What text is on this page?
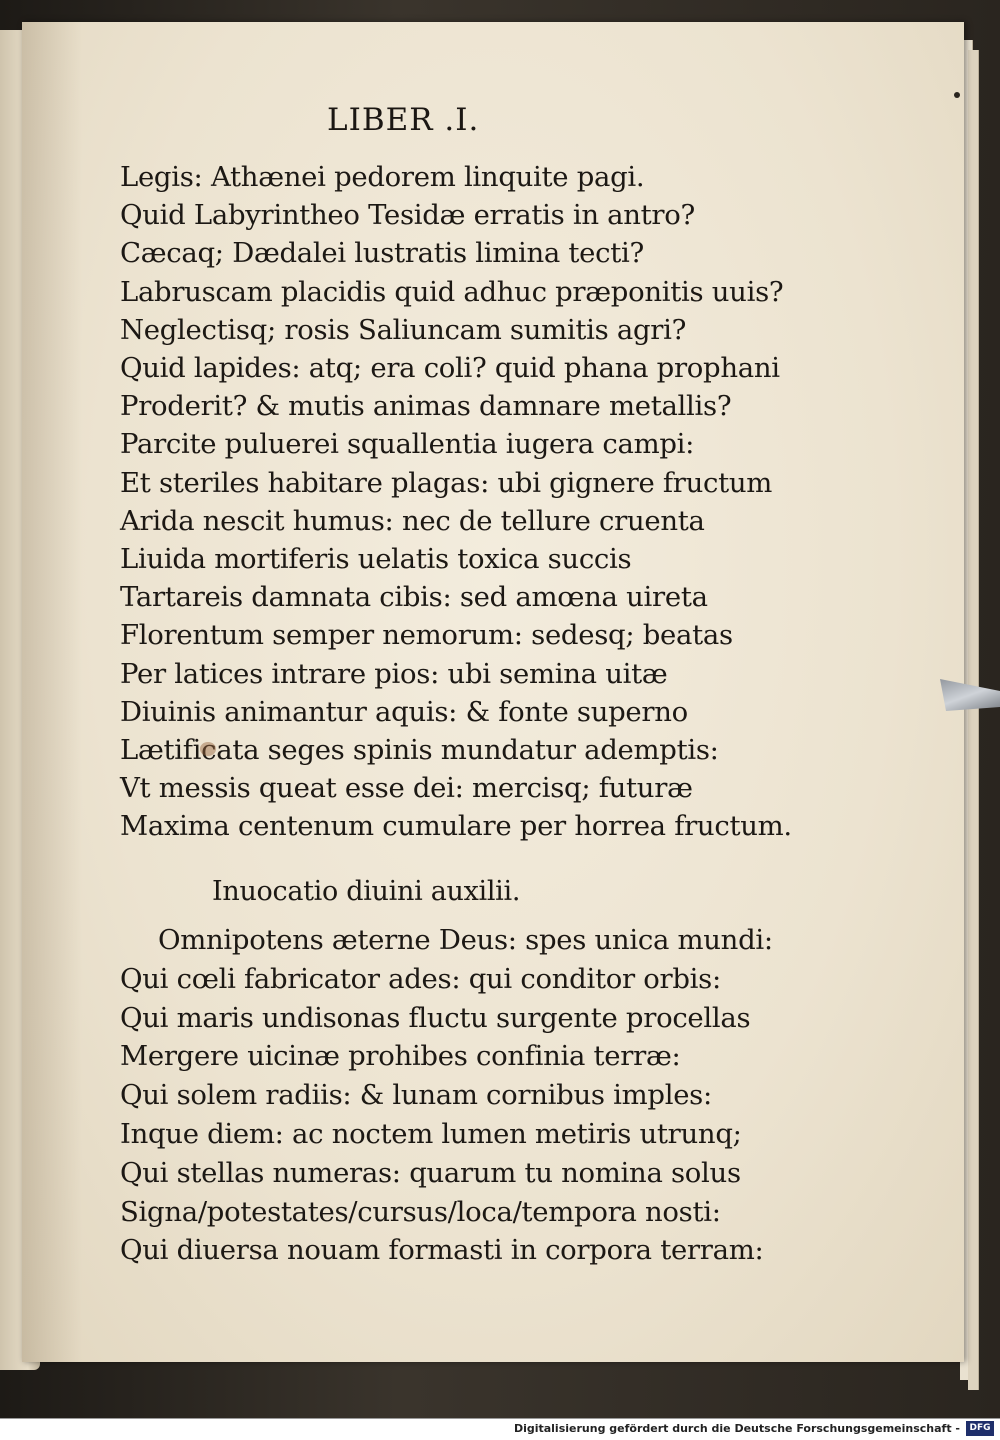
LIBER .I.
Legis: Athænei pedorem linquite pagi.
Quid Labyrintheo Tesidæ erratis in antro?
Cæcaq; Dædalei lustratis limina tecti?
Labruscam placidis quid adhuc præponitis uuis?
Neglectisq; rosis Saliuncam sumitis agri?
Quid lapides: atq; era coli? quid phana prophani
Proderit? & mutis animas damnare metallis?
Parcite puluerei squallentia iugera campi:
Et steriles habitare plagas: ubi gignere fructum
Arida nescit humus: nec de tellure cruenta
Liuida mortiferis uelatis toxica succis
Tartareis damnata cibis: sed amœna uireta
Florentum semper nemorum: sedesq; beatas
Per latices intrare pios: ubi semina uitæ
Diuinis animantur aquis: & fonte superno
Lætificata seges spinis mundatur ademptis:
Vt messis queat esse dei: mercisq; futuræ
Maxima centenum cumulare per horrea fructum.
Inuocatio diuini auxilii.
Omnipotens æterne Deus: spes unica mundi:
Qui cœli fabricator ades: qui conditor orbis:
Qui maris undisonas fluctu surgente procellas
Mergere uicinæ prohibes confinia terræ:
Qui solem radiis: & lunam cornibus imples:
Inque diem: ac noctem lumen metiris utrunq;
Qui stellas numeras: quarum tu nomina solus
Signa/potestates/cursus/loca/tempora nosti:
Qui diuersa nouam formasti in corpora terram:
Digitalisierung gefördert durch die Deutsche Forschungsgemeinschaft -	DFG
